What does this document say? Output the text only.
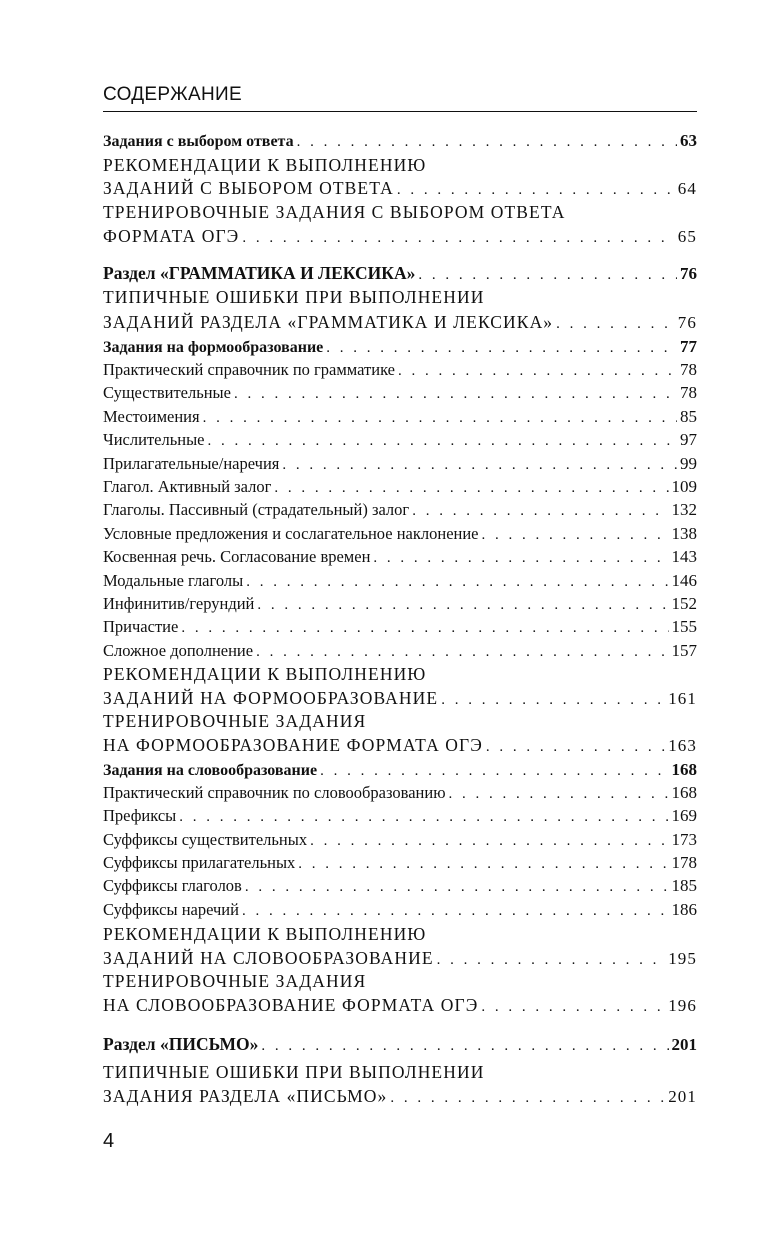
СОДЕРЖАНИЕ
Задания с выбором ответа . . .	63
РЕКОМЕНДАЦИИ К ВЫПОЛНЕНИЮ
ЗАДАНИЙ С ВЫБОРОМ ОТВЕТА . . .	64
ТРЕНИРОВОЧНЫЕ ЗАДАНИЯ С ВЫБОРОМ ОТВЕТА
ФОРМАТА ОГЭ . . .	65
Раздел «ГРАММАТИКА И ЛЕКСИКА» . . .	76
ТИПИЧНЫЕ ОШИБКИ ПРИ ВЫПОЛНЕНИИ
ЗАДАНИЙ РАЗДЕЛА «ГРАММАТИКА И ЛЕКСИКА» . . .	76
Задания на формообразование . . .	77
Практический справочник по грамматике . . .	78
Существительные . . .	78
Местоимения . . .	85
Числительные . . .	97
Прилагательные/наречия . . .	99
Глагол. Активный залог . . .	109
Глаголы. Пассивный (страдательный) залог . . .	132
Условные предложения и сослагательное наклонение . . .	138
Косвенная речь. Согласование времен . . .	143
Модальные глаголы . . .	146
Инфинитив/герундий . . .	152
Причастие . . .	155
Сложное дополнение . . .	157
РЕКОМЕНДАЦИИ К ВЫПОЛНЕНИЮ
ЗАДАНИЙ НА ФОРМООБРАЗОВАНИЕ . . .	161
ТРЕНИРОВОЧНЫЕ ЗАДАНИЯ
НА ФОРМООБРАЗОВАНИЕ ФОРМАТА ОГЭ . . .	163
Задания на словообразование . . .	168
Практический справочник по словообразованию . . .	168
Префиксы . . .	169
Суффиксы существительных . . .	173
Суффиксы прилагательных . . .	178
Суффиксы глаголов . . .	185
Суффиксы наречий . . .	186
РЕКОМЕНДАЦИИ К ВЫПОЛНЕНИЮ
ЗАДАНИЙ НА СЛОВООБРАЗОВАНИЕ . . .	195
ТРЕНИРОВОЧНЫЕ ЗАДАНИЯ
НА СЛОВООБРАЗОВАНИЕ ФОРМАТА ОГЭ . . .	196
Раздел «ПИСЬМО» . . .	201
ТИПИЧНЫЕ ОШИБКИ ПРИ ВЫПОЛНЕНИИ
ЗАДАНИЯ РАЗДЕЛА «ПИСЬМО» . . .	201
4
